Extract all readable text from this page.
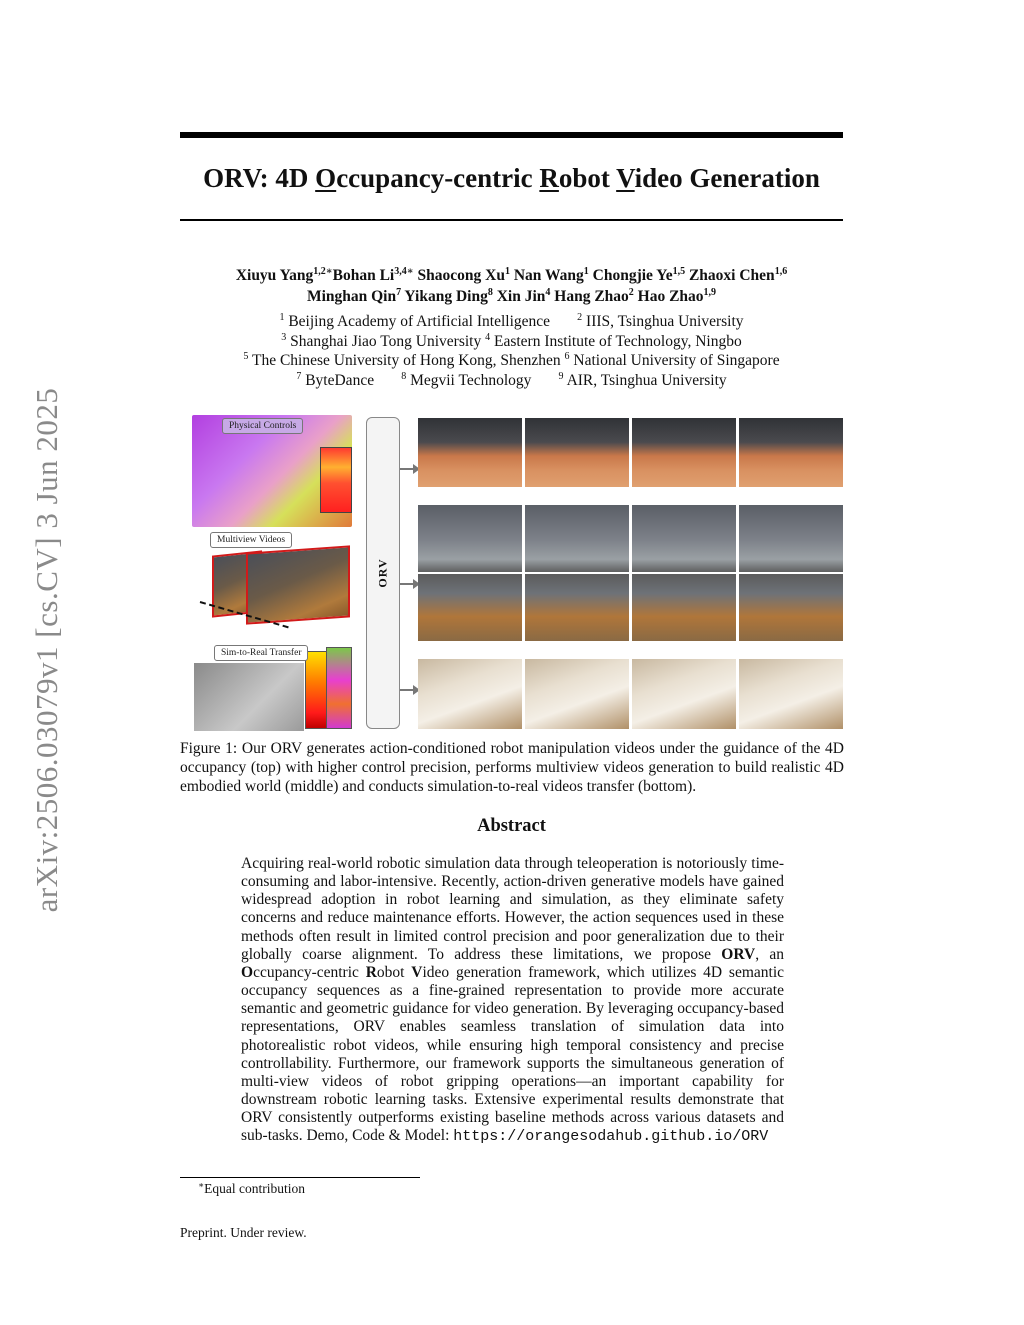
arXiv:2506.03079v1 [cs.CV] 3 Jun 2025
ORV: 4D Occupancy-centric Robot Video Generation
Xiuyu Yang$^{1,2∗}$Bohan $Li^{3,4∗}$ Shaocong Xu$^1$ Nan Wang$^1$ Chongjie Ye$^{1,5}$ Zhaoxi Chen$^{1,6}$
Minghan Qin$^7$ Yikang Ding$^8$ Xin Jin$^4$ Hang Zhao$^2$ Hao Zhao$^{1,9}$
$^1$ Beijing Academy of Artificial Intelligence	$^2$ IIIS, Tsinghua University
$^3$ Shanghai Jiao Tong University $^4$ Eastern Institute of Technology, Ningbo
$^5$ The Chinese University of Hong Kong, Shenzhen $^6$ National University of Singapore
$^7$ ByteDance	$^8$ Megvii Technology	$^9$ AIR, Tsinghua University
Physical Controls
Multiview Videos
Sim-to-Real Transfer
ORV
Figure 1: Our ORV generates action-conditioned robot manipulation videos under the guidance of the 4D occupancy (top) with higher control precision, performs multiview videos generation to build realistic 4D embodied world (middle) and conducts simulation-to-real videos transfer (bottom).
Abstract
Acquiring real-world robotic simulation data through teleoperation is notoriously time-consuming and labor-intensive. Recently, action-driven generative models have gained widespread adoption in robot learning and simulation, as they eliminate safety concerns and reduce maintenance efforts. However, the action sequences used in these methods often result in limited control precision and poor generalization due to their globally coarse alignment. To address these limitations, we propose ORV, an Occupancy-centric Robot Video generation framework, which utilizes 4D semantic occupancy sequences as a fine-grained representation to provide more accurate semantic and geometric guidance for video generation. By leveraging occupancy-based representations, ORV enables seamless translation of simulation data into photorealistic robot videos, while ensuring high temporal consistency and precise controllability. Furthermore, our framework supports the simultaneous generation of multi-view videos of robot gripping operations—an important capability for downstream robotic learning tasks. Extensive experimental results demonstrate that ORV consistently outperforms existing baseline methods across various datasets and sub-tasks. Demo, Code & Model: https://orangesodahub.github.io/ORV
∗Equal contribution
Preprint. Under review.
